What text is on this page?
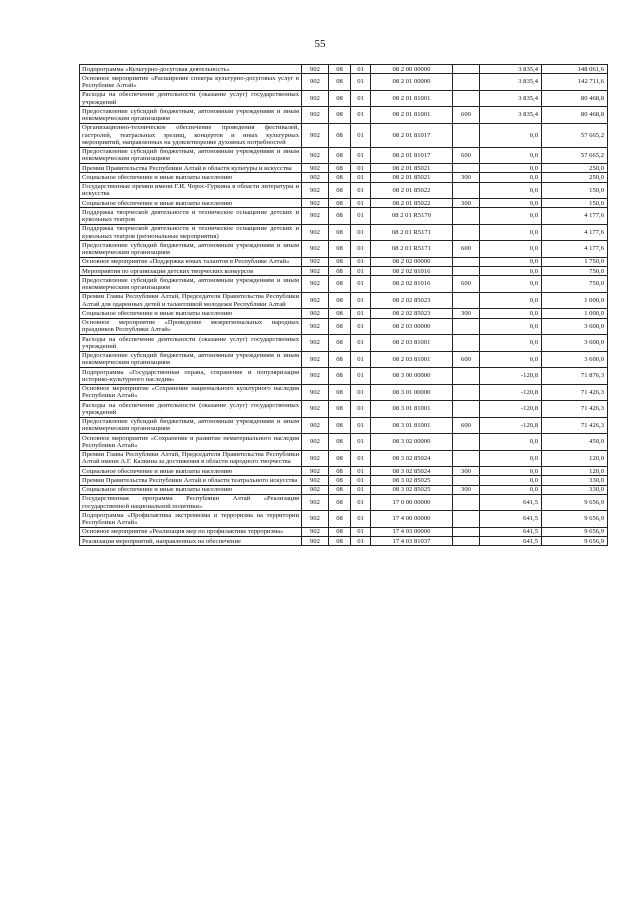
55
Подпрограмма «Культурно-досуговая деятельность»	902	08	01	08 2 00 00000		3 835,4	148 061,6
Основное мероприятие «Расширение спектра культурно-досуговых услуг в Республике Алтай»	902	08	01	08 2 01 00000		3 835,4	142 711,6
Расходы на обеспечение деятельности (оказание услуг) государственных учреждений	902	08	01	08 2 01 81001		3 835,4	80 468,8
Предоставление субсидий бюджетным, автономным учреждениям и иным некоммерческим организациям	902	08	01	08 2 01 81001	600	3 835,4	80 468,8
Организационно-техническое обеспечение проведения фестивалей, гастролей, театральных зрелищ, концертов и иных культурных мероприятий, направленных на удовлетворение духовных потребностей	902	08	01	08 2 01 81017		0,0	57 665,2
Предоставление субсидий бюджетным, автономным учреждениям и иным некоммерческим организациям	902	08	01	08 2 01 81017	600	0,0	57 665,2
Премии Правительства Республики Алтай в области культуры и искусства	902	08	01	08 2 01 85021		0,0	250,0
Социальное обеспечение и иные выплаты населению	902	08	01	08 2 01 85021	300	0,0	250,0
Государственные премии имени Г.И. Чорос-Гуркина в области литературы и искусства	902	08	01	08 2 01 85022		0,0	150,0
Социальное обеспечение и иные выплаты населению	902	08	01	08 2 01 85022	300	0,0	150,0
Поддержка творческой деятельности и техническое оснащение детских и кукольных театров	902	08	01	08 2 01 R5170		0,0	4 177,6
Поддержка творческой деятельности и техническое оснащение детских и кукольных театров (региональные мероприятия)	902	08	01	08 2 01 R5171		0,0	4 177,6
Предоставление субсидий бюджетным, автономным учреждениям и иным некоммерческим организациям	902	08	01	08 2 01 R5171	600	0,0	4 177,6
Основное мероприятие «Поддержка юных талантов в Республике Алтай»	902	08	01	08 2 02 00000		0,0	1 750,0
Мероприятия по организации детских творческих конкурсов	902	08	01	08 2 02 81016		0,0	750,0
Предоставление субсидий бюджетным, автономным учреждениям и иным некоммерческим организациям	902	08	01	08 2 02 81016	600	0,0	750,0
Премии Главы Республики Алтай, Председателя Правительства Республики Алтай для одаренных детей и талантливой молодежи Республики Алтай	902	08	01	08 2 02 85023		0,0	1 000,0
Социальное обеспечение и иные выплаты населению	902	08	01	08 2 02 85023	300	0,0	1 000,0
Основное мероприятие «Проведение межрегиональных народных праздников Республики Алтай»	902	08	01	08 2 03 00000		0,0	3 600,0
Расходы на обеспечение деятельности (оказание услуг) государственных учреждений	902	08	01	08 2 03 81001		0,0	3 600,0
Предоставление субсидий бюджетным, автономным учреждениям и иным некоммерческим организациям	902	08	01	08 2 03 81001	600	0,0	3 600,0
Подпрограмма «Государственная охрана, сохранение и популяризация историко-культурного наследия»	902	08	01	08 3 00 00000		-120,8	71 876,3
Основное мероприятие «Сохранение национального культурного наследия Республики Алтай»	902	08	01	08 3 01 00000		-120,8	71 426,3
Расходы на обеспечение деятельности (оказание услуг) государственных учреждений	902	08	01	08 3 01 81001		-120,8	71 426,3
Предоставление субсидий бюджетным, автономным учреждениям и иным некоммерческим организациям	902	08	01	08 3 01 81001	600	-120,8	71 426,3
Основное мероприятие «Сохранение и развитие нематериального наследия Республики Алтай»	902	08	01	08 3 02 00000		0,0	450,0
Премии Главы Республики Алтай, Председателя Правительства Республики Алтай имени А.Г. Калкина за достижения в области народного творчества	902	08	01	08 3 02 85024		0,0	120,0
Социальное обеспечение и иные выплаты населению	902	08	01	08 3 02 85024	300	0,0	120,0
Премии Правительства Республики Алтай в области театрального искусства	902	08	01	08 3 02 85025		0,0	330,0
Социальное обеспечение и иные выплаты населению	902	08	01	08 3 02 85025	300	0,0	330,0
Государственная программа Республики Алтай «Реализация государственной национальной политики»	902	08	01	17 0 00 00000		641,5	9 656,9
Подпрограмма «Профилактика экстремизма и терроризма на территории Республики Алтай»	902	08	01	17 4 00 00000		641,5	9 656,9
Основное мероприятие «Реализация мер по профилактике терроризма»	902	08	01	17 4 03 00000		641,5	9 656,9
Реализация мероприятий, направленных на обеспечение	902	08	01	17 4 03 81037		641,5	9 656,9
